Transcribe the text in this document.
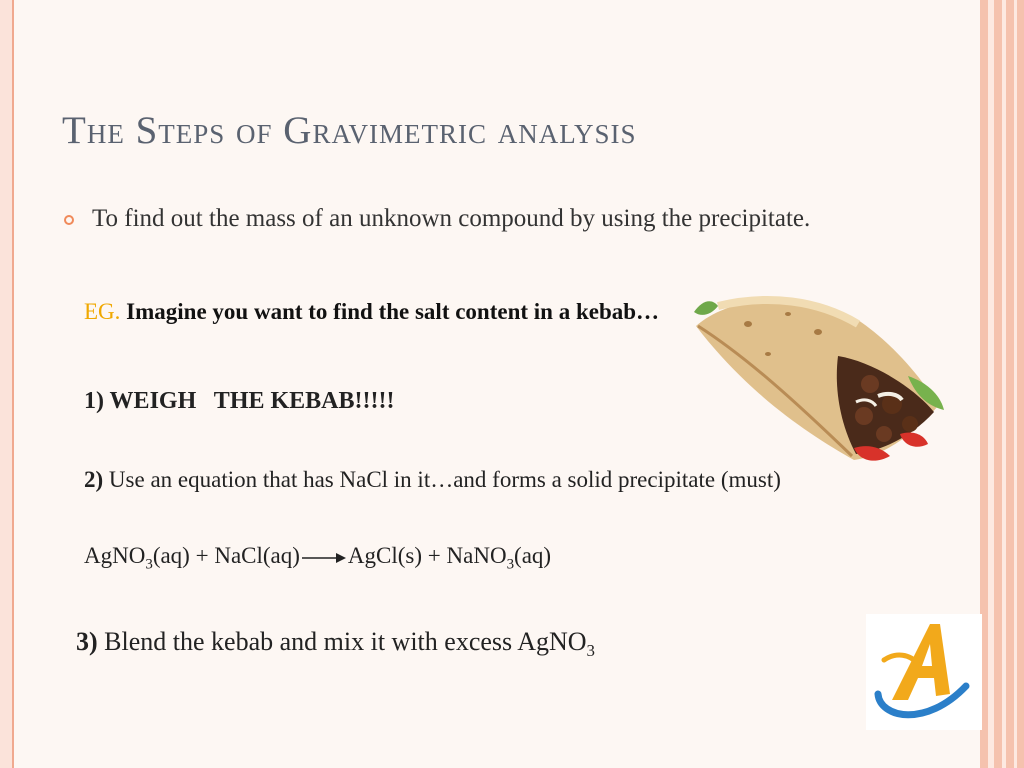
The Steps of Gravimetric analysis
To find out the mass of an unknown compound by using the precipitate.
EG. Imagine you want to find the salt content in a kebab…
1) WEIGH   THE KEBAB!!!!!
2) Use an equation that has NaCl in it…and forms a solid precipitate (must)
AgNO$_3$(aq) + NaCl(aq) → AgCl(s) + NaNO$_3$(aq)
3) Blend the kebab and mix it with excess AgNO$_3$
